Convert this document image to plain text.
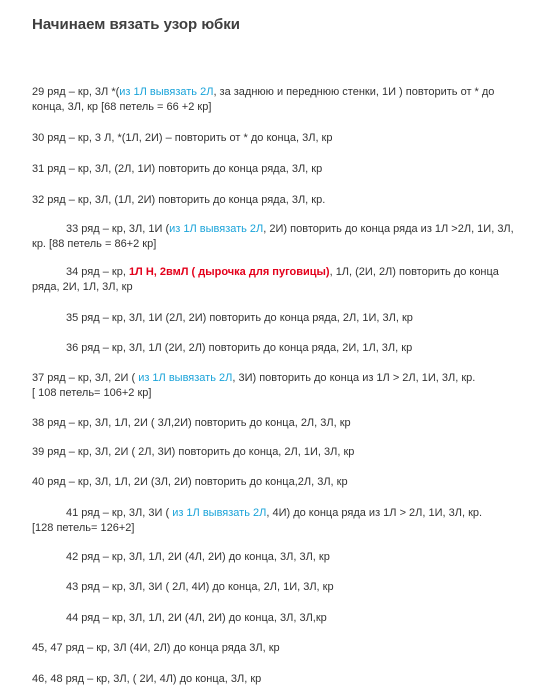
Начинаем вязать узор юбки
29 ряд – кр, 3Л *(из 1Л вывязать 2Л, за заднюю и переднюю стенки, 1И ) повторить от * до конца, 3Л, кр [68 петель = 66 +2 кр]
30 ряд – кр, 3 Л, *(1Л, 2И) – повторить от * до конца, 3Л, кр
31 ряд – кр, 3Л, (2Л, 1И) повторить до конца ряда, 3Л, кр
32 ряд – кр, 3Л, (1Л, 2И) повторить до конца ряда, 3Л, кр.
33 ряд – кр, 3Л, 1И (из 1Л вывязать 2Л, 2И) повторить до конца ряда из 1Л >2Л, 1И, 3Л, кр. [88 петель = 86+2 кр]
34 ряд – кр, 1Л Н, 2вмЛ ( дырочка для пуговицы), 1Л, (2И, 2Л) повторить до конца ряда, 2И, 1Л, 3Л, кр
35 ряд – кр, 3Л, 1И (2Л, 2И) повторить до конца ряда, 2Л, 1И, 3Л, кр
36 ряд – кр, 3Л, 1Л (2И, 2Л) повторить до конца ряда, 2И, 1Л, 3Л, кр
37 ряд – кр, 3Л, 2И ( из 1Л вывязать 2Л, 3И) повторить до конца из 1Л > 2Л, 1И, 3Л, кр.
[ 108 петель= 106+2 кр]
38 ряд – кр, 3Л, 1Л, 2И ( 3Л,2И) повторить до конца, 2Л, 3Л, кр
39 ряд – кр, 3Л, 2И ( 2Л, 3И) повторить до конца, 2Л, 1И, 3Л, кр
40 ряд – кр, 3Л, 1Л, 2И (3Л, 2И) повторить до конца,2Л, 3Л, кр
41 ряд – кр, 3Л, 3И ( из 1Л вывязать 2Л, 4И) до конца ряда из 1Л > 2Л, 1И, 3Л, кр.
[128 петель= 126+2]
42 ряд – кр, 3Л, 1Л, 2И (4Л, 2И) до конца, 3Л, 3Л, кр
43 ряд – кр, 3Л, 3И ( 2Л, 4И) до конца, 2Л, 1И, 3Л, кр
44 ряд – кр, 3Л, 1Л, 2И (4Л, 2И) до конца, 3Л, 3Л,кр
45, 47 ряд – кр, 3Л (4И, 2Л) до конца ряда 3Л, кр
46, 48 ряд – кр, 3Л, ( 2И, 4Л) до конца, 3Л, кр
